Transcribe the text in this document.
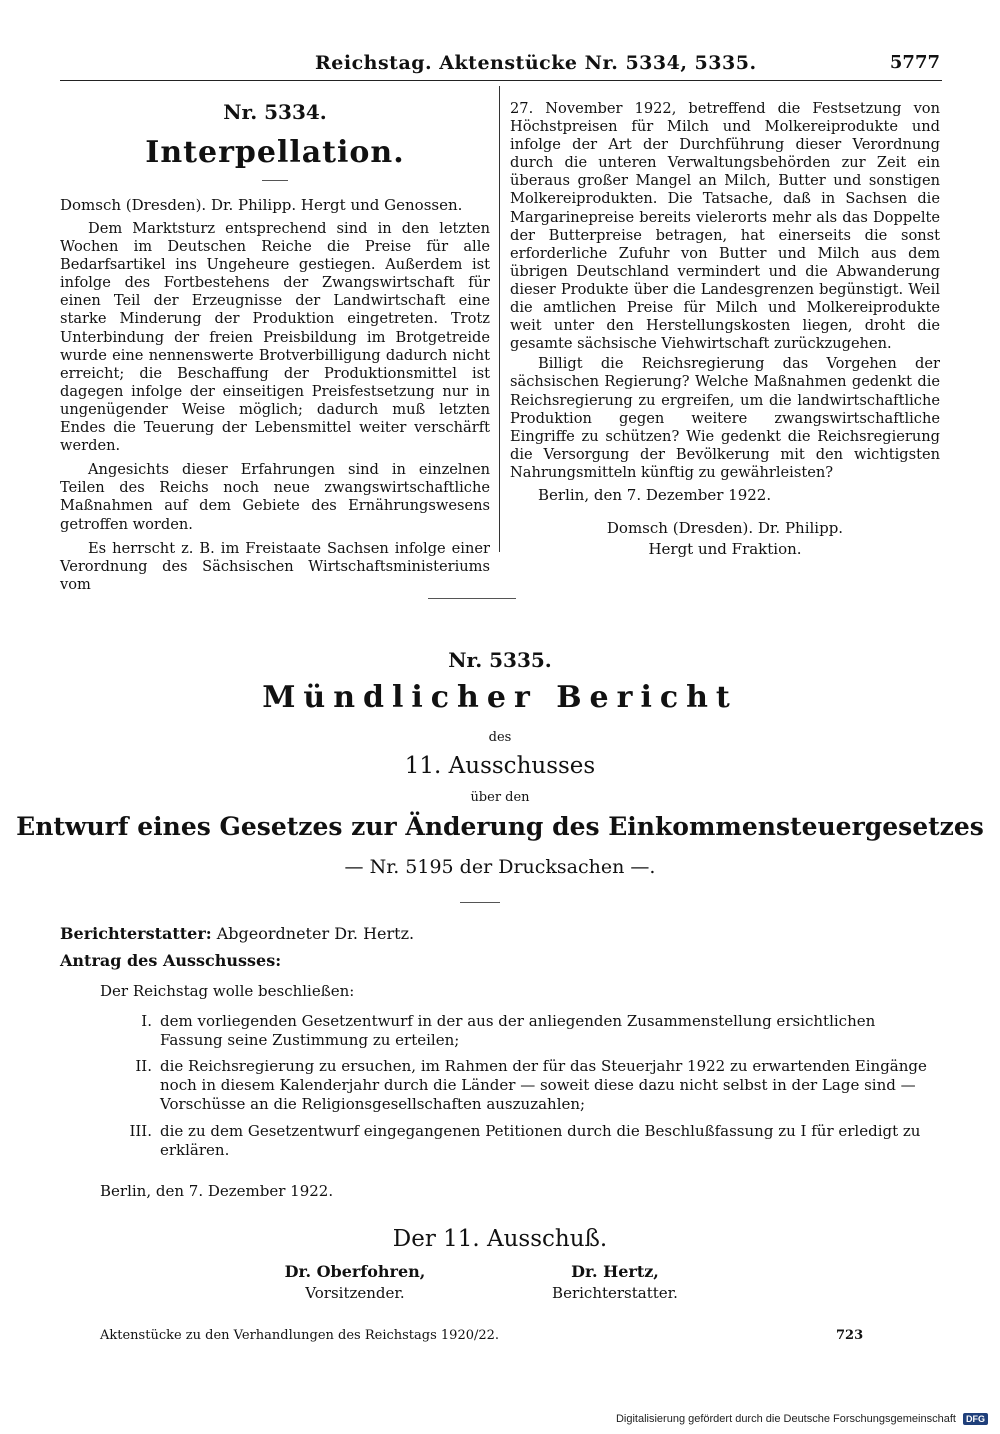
Reichstag. Aktenstücke Nr. 5334, 5335.	5777
Nr. 5334.
Interpellation.
Domsch (Dresden). Dr. Philipp. Hergt und Genossen.

Dem Marktsturz entsprechend sind in den letzten Wochen im Deutschen Reiche die Preise für alle Bedarfsartikel ins Ungeheure gestiegen. Außerdem ist infolge des Fortbestehens der Zwangswirtschaft für einen Teil der Erzeugnisse der Landwirtschaft eine starke Minderung der Produktion eingetreten. Trotz Unterbindung der freien Preisbildung im Brotgetreide wurde eine nennenswerte Brotverbilligung dadurch nicht erreicht; die Beschaffung der Produktionsmittel ist dagegen infolge der einseitigen Preisfestsetzung nur in ungenügender Weise möglich; dadurch muß letzten Endes die Teuerung der Lebensmittel weiter verschärft werden.

Angesichts dieser Erfahrungen sind in einzelnen Teilen des Reichs noch neue zwangswirtschaftliche Maßnahmen auf dem Gebiete des Ernährungswesens getroffen worden.

Es herrscht z. B. im Freistaate Sachsen infolge einer Verordnung des Sächsischen Wirtschaftsministeriums vom

27. November 1922, betreffend die Festsetzung von Höchstpreisen für Milch und Molkereiprodukte und infolge der Art der Durchführung dieser Verordnung durch die unteren Verwaltungsbehörden zur Zeit ein überaus großer Mangel an Milch, Butter und sonstigen Molkereiprodukten. Die Tatsache, daß in Sachsen die Margarinepreise bereits vielerorts mehr als das Doppelte der Butterpreise betragen, hat einerseits die sonst erforderliche Zufuhr von Butter und Milch aus dem übrigen Deutschland vermindert und die Abwanderung dieser Produkte über die Landesgrenzen begünstigt. Weil die amtlichen Preise für Milch und Molkereiprodukte weit unter den Herstellungskosten liegen, droht die gesamte sächsische Viehwirtschaft zurückzugehen.

Billigt die Reichsregierung das Vorgehen der sächsischen Regierung? Welche Maßnahmen gedenkt die Reichsregierung zu ergreifen, um die landwirtschaftliche Produktion gegen weitere zwangswirtschaftliche Eingriffe zu schützen? Wie gedenkt die Reichsregierung die Versorgung der Bevölkerung mit den wichtigsten Nahrungsmitteln künftig zu gewährleisten?

Berlin, den 7. Dezember 1922.
Domsch (Dresden). Dr. Philipp.
Hergt und Fraktion.
Nr. 5335.
Mündlicher Bericht
des
11. Ausschusses
über den
Entwurf eines Gesetzes zur Änderung des Einkommensteuergesetzes
— Nr. 5195 der Drucksachen —.
Berichterstatter: Abgeordneter Dr. Hertz.
Antrag des Ausschusses:
Der Reichstag wolle beschließen:
I. dem vorliegenden Gesetzentwurf in der aus der anliegenden Zusammenstellung ersichtlichen
Fassung seine Zustimmung zu erteilen;
II. die Reichsregierung zu ersuchen, im Rahmen der für das Steuerjahr 1922 zu erwartenden Eingänge
noch in diesem Kalenderjahr durch die Länder — soweit diese dazu nicht selbst in der Lage sind —
Vorschüsse an die Religionsgesellschaften auszuzahlen;
III. die zu dem Gesetzentwurf eingegangenen Petitionen durch die Beschlußfassung zu I für erledigt zu
erklären.
Berlin, den 7. Dezember 1922.
Der 11. Ausschuß.
Dr. Oberfohren,
Vorsitzender.
Dr. Hertz,
Berichterstatter.
Aktenstücke zu den Verhandlungen des Reichstags 1920/22.	723
Digitalisierung gefördert durch die Deutsche Forschungsgemeinschaft DFG
